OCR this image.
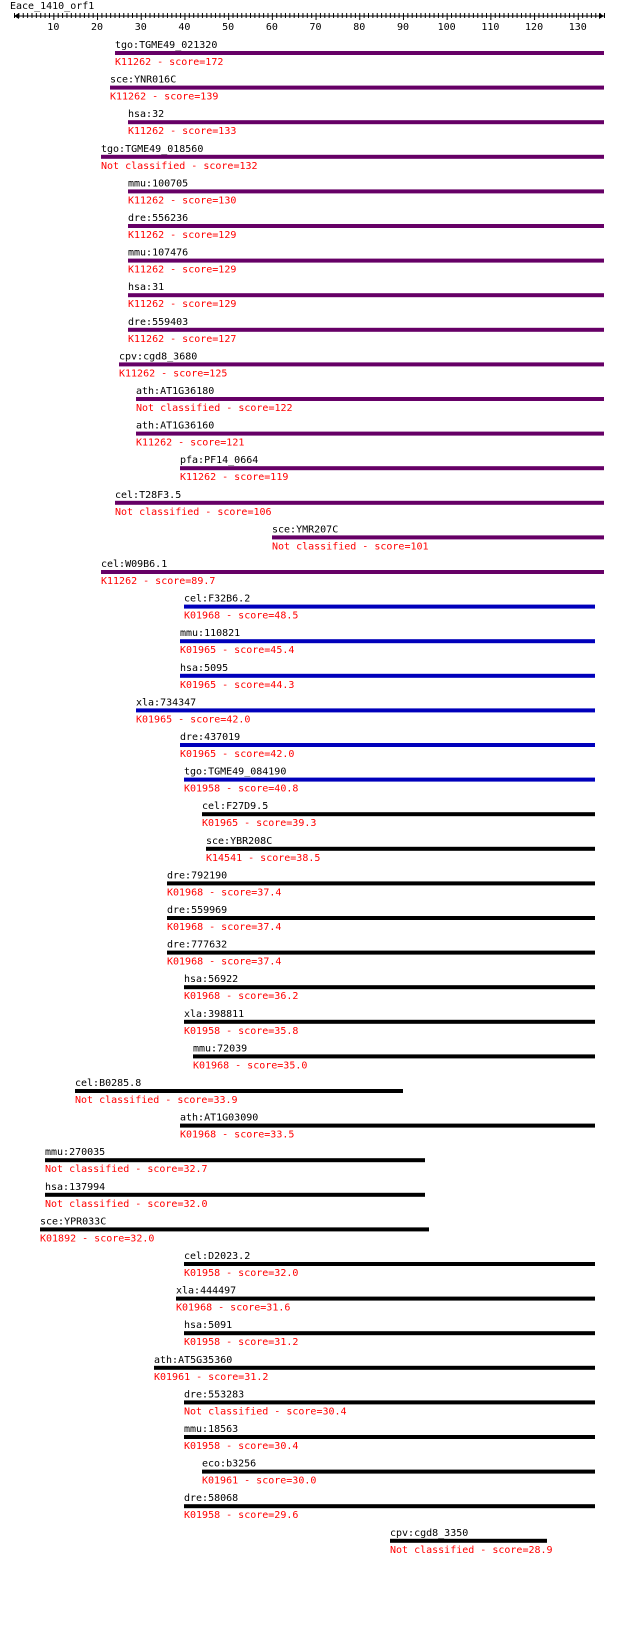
Eace_1410_orf1
10	20	30	40	50	60	70	80	90	100	110	120	130
tgo:TGME49_021320
K11262 - score=172
sce:YNR016C
K11262 - score=139
hsa:32
K11262 - score=133
tgo:TGME49_018560
Not classified - score=132
mmu:100705
K11262 - score=130
dre:556236
K11262 - score=129
mmu:107476
K11262 - score=129
hsa:31
K11262 - score=129
dre:559403
K11262 - score=127
cpv:cgd8_3680
K11262 - score=125
ath:AT1G36180
Not classified - score=122
ath:AT1G36160
K11262 - score=121
pfa:PF14_0664
K11262 - score=119
cel:T28F3.5
Not classified - score=106
sce:YMR207C
Not classified - score=101
cel:W09B6.1
K11262 - score=89.7
cel:F32B6.2
K01968 - score=48.5
mmu:110821
K01965 - score=45.4
hsa:5095
K01965 - score=44.3
xla:734347
K01965 - score=42.0
dre:437019
K01965 - score=42.0
tgo:TGME49_084190
K01958 - score=40.8
cel:F27D9.5
K01965 - score=39.3
sce:YBR208C
K14541 - score=38.5
dre:792190
K01968 - score=37.4
dre:559969
K01968 - score=37.4
dre:777632
K01968 - score=37.4
hsa:56922
K01968 - score=36.2
xla:398811
K01958 - score=35.8
mmu:72039
K01968 - score=35.0
cel:B0285.8
Not classified - score=33.9
ath:AT1G03090
K01968 - score=33.5
mmu:270035
Not classified - score=32.7
hsa:137994
Not classified - score=32.0
sce:YPR033C
K01892 - score=32.0
cel:D2023.2
K01958 - score=32.0
xla:444497
K01968 - score=31.6
hsa:5091
K01958 - score=31.2
ath:AT5G35360
K01961 - score=31.2
dre:553283
Not classified - score=30.4
mmu:18563
K01958 - score=30.4
eco:b3256
K01961 - score=30.0
dre:58068
K01958 - score=29.6
cpv:cgd8_3350
Not classified - score=28.9
